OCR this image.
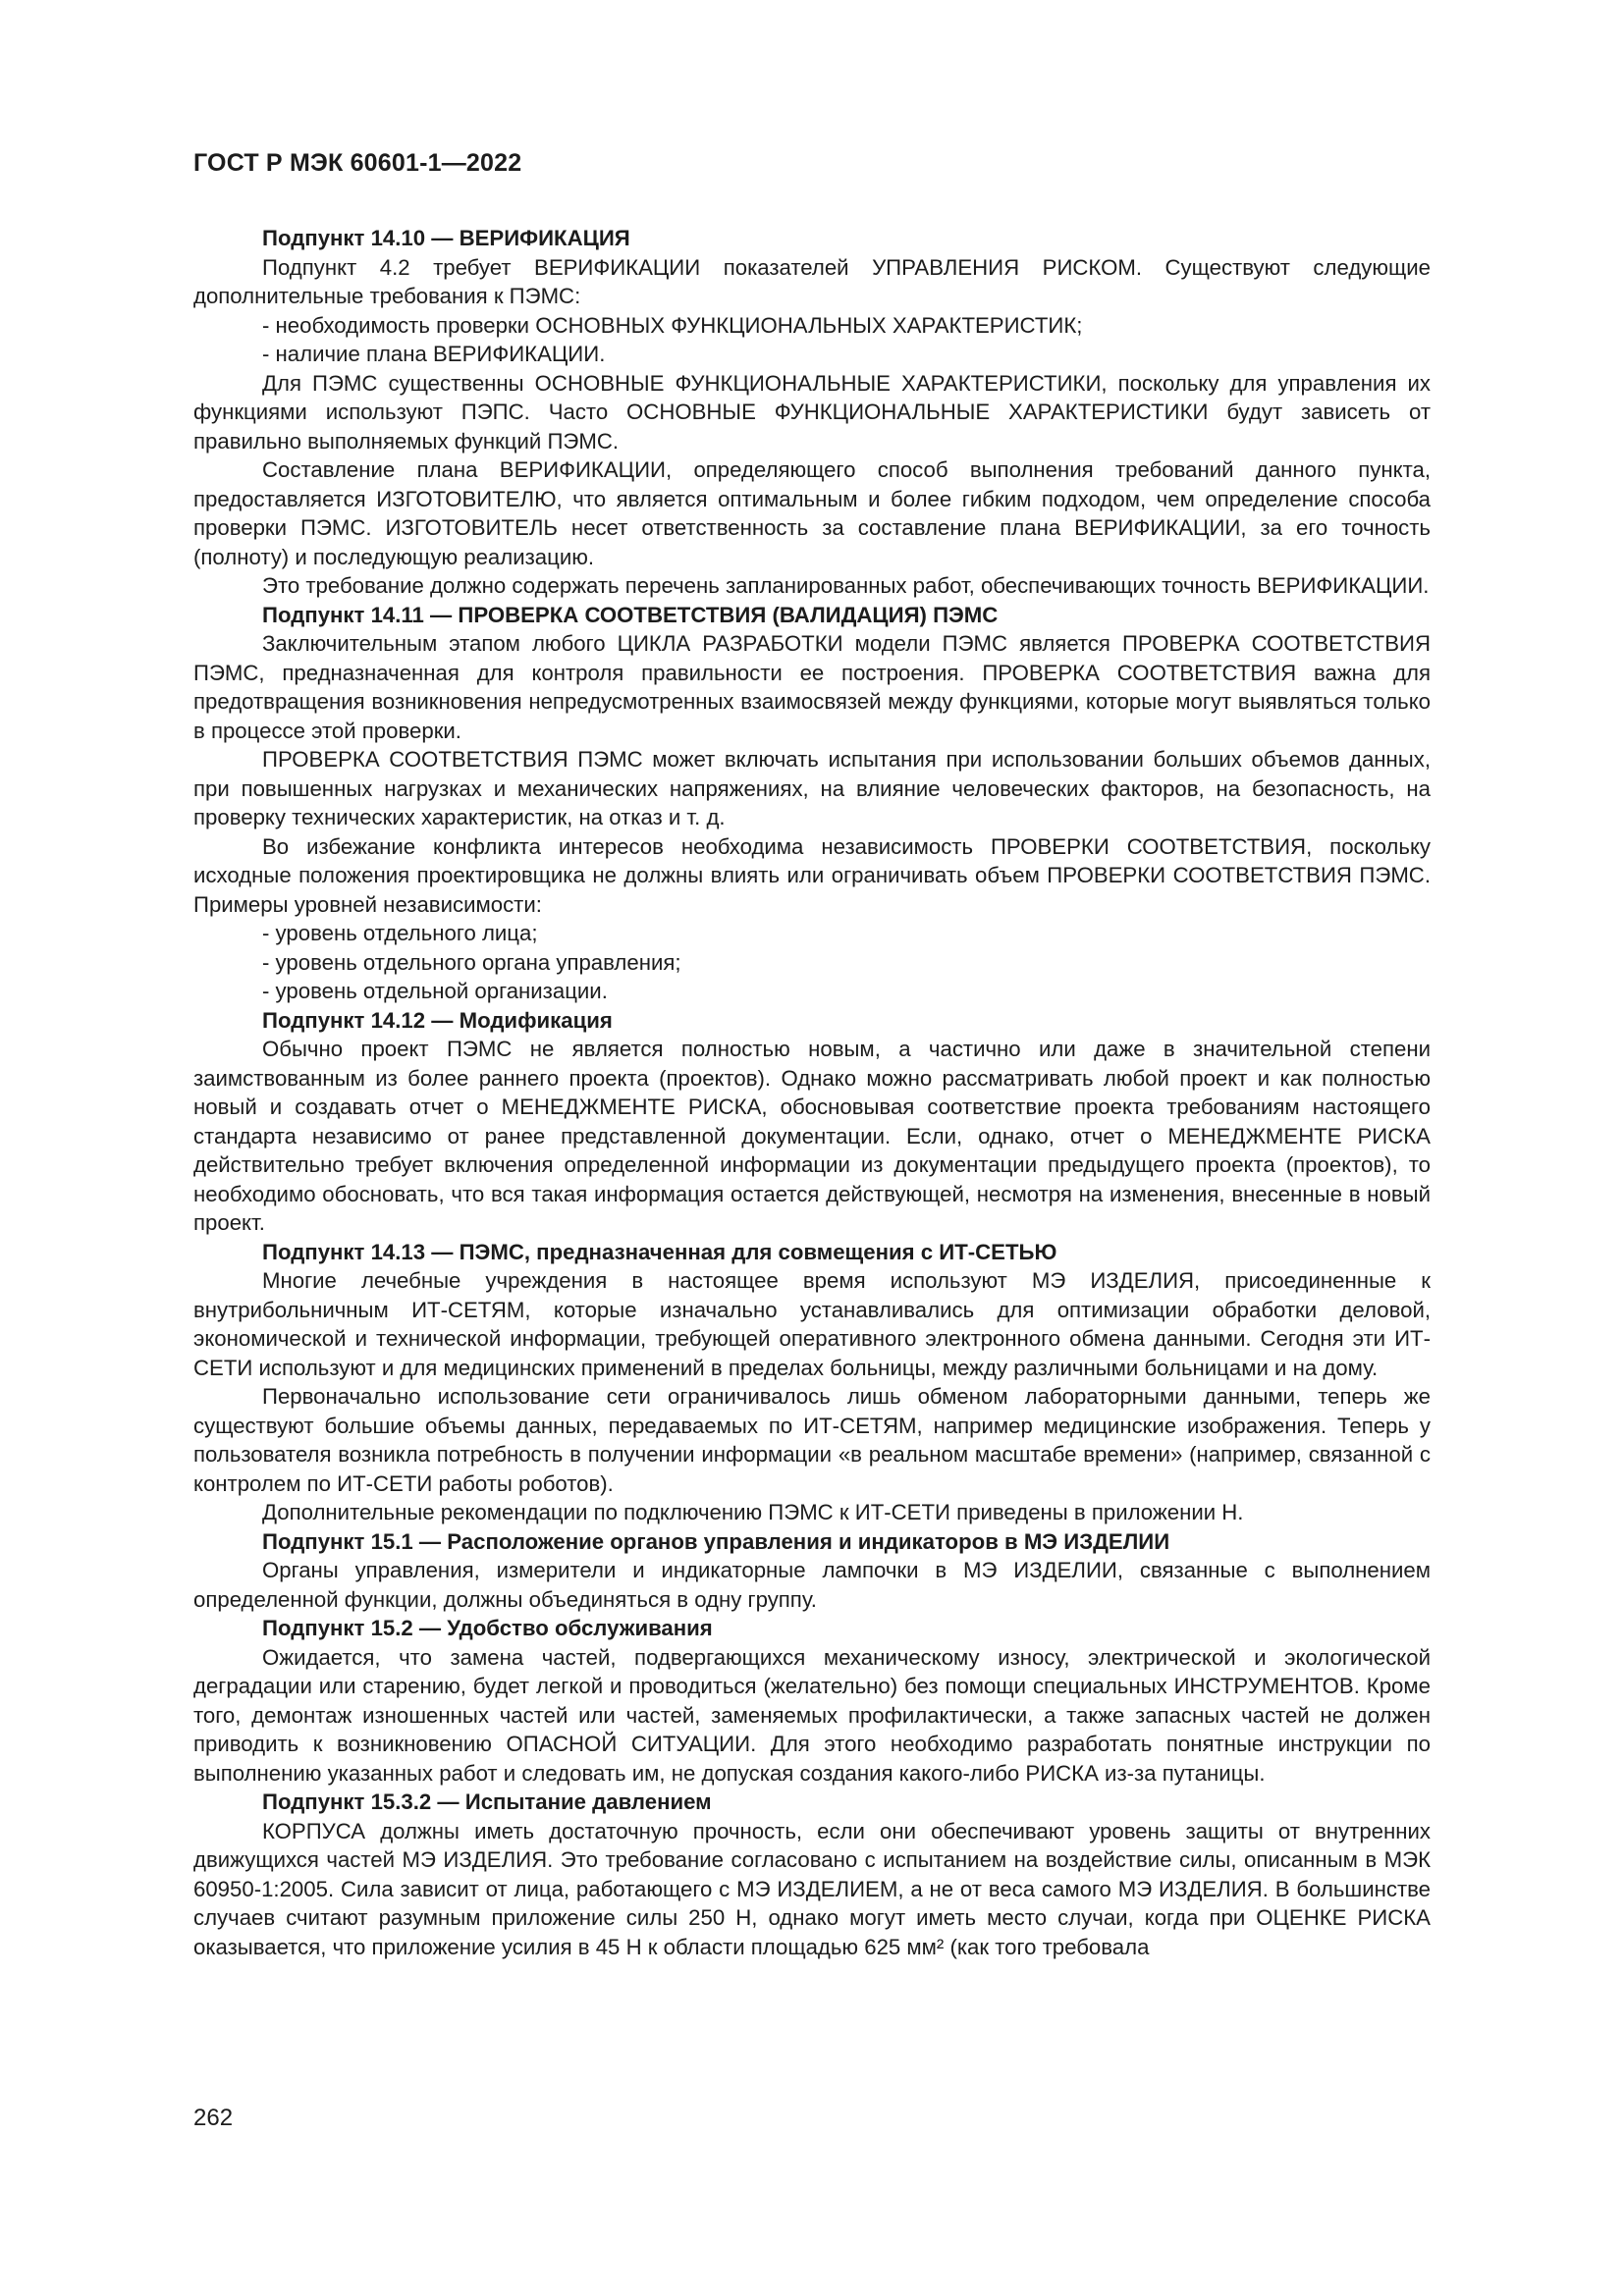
ГОСТ Р МЭК 60601-1—2022

Подпункт 14.10 — ВЕРИФИКАЦИЯ

Подпункт 4.2 требует ВЕРИФИКАЦИИ показателей УПРАВЛЕНИЯ РИСКОМ. Существуют следующие дополнительные требования к ПЭМС:

- необходимость проверки ОСНОВНЫХ ФУНКЦИОНАЛЬНЫХ ХАРАКТЕРИСТИК;

- наличие плана ВЕРИФИКАЦИИ.

Для ПЭМС существенны ОСНОВНЫЕ ФУНКЦИОНАЛЬНЫЕ ХАРАКТЕРИСТИКИ, поскольку для управления их функциями используют ПЭПС. Часто ОСНОВНЫЕ ФУНКЦИОНАЛЬНЫЕ ХАРАКТЕРИСТИКИ будут зависеть от правильно выполняемых функций ПЭМС.

Составление плана ВЕРИФИКАЦИИ, определяющего способ выполнения требований данного пункта, предоставляется ИЗГОТОВИТЕЛЮ, что является оптимальным и более гибким подходом, чем определение способа проверки ПЭМС. ИЗГОТОВИТЕЛЬ несет ответственность за составление плана ВЕРИФИКАЦИИ, за его точность (полноту) и последующую реализацию.

Это требование должно содержать перечень запланированных работ, обеспечивающих точность ВЕРИФИКАЦИИ.

Подпункт 14.11 — ПРОВЕРКА СООТВЕТСТВИЯ (ВАЛИДАЦИЯ) ПЭМС

Заключительным этапом любого ЦИКЛА РАЗРАБОТКИ модели ПЭМС является ПРОВЕРКА СООТВЕТСТВИЯ ПЭМС, предназначенная для контроля правильности ее построения. ПРОВЕРКА СООТВЕТСТВИЯ важна для предотвращения возникновения непредусмотренных взаимосвязей между функциями, которые могут выявляться только в процессе этой проверки.

ПРОВЕРКА СООТВЕТСТВИЯ ПЭМС может включать испытания при использовании больших объемов данных, при повышенных нагрузках и механических напряжениях, на влияние человеческих факторов, на безопасность, на проверку технических характеристик, на отказ и т. д.

Во избежание конфликта интересов необходима независимость ПРОВЕРКИ СООТВЕТСТВИЯ, поскольку исходные положения проектировщика не должны влиять или ограничивать объем ПРОВЕРКИ СООТВЕТСТВИЯ ПЭМС. Примеры уровней независимости:

- уровень отдельного лица;

- уровень отдельного органа управления;

- уровень отдельной организации.

Подпункт 14.12 — Модификация

Обычно проект ПЭМС не является полностью новым, а частично или даже в значительной степени заимствованным из более раннего проекта (проектов). Однако можно рассматривать любой проект и как полностью новый и создавать отчет о МЕНЕДЖМЕНТЕ РИСКА, обосновывая соответствие проекта требованиям настоящего стандарта независимо от ранее представленной документации. Если, однако, отчет о МЕНЕДЖМЕНТЕ РИСКА действительно требует включения определенной информации из документации предыдущего проекта (проектов), то необходимо обосновать, что вся такая информация остается действующей, несмотря на изменения, внесенные в новый проект.

Подпункт 14.13 — ПЭМС, предназначенная для совмещения с ИТ-СЕТЬЮ

Многие лечебные учреждения в настоящее время используют МЭ ИЗДЕЛИЯ, присоединенные к внутрибольничным ИТ-СЕТЯМ, которые изначально устанавливались для оптимизации обработки деловой, экономической и технической информации, требующей оперативного электронного обмена данными. Сегодня эти ИТ-СЕТИ используют и для медицинских применений в пределах больницы, между различными больницами и на дому.

Первоначально использование сети ограничивалось лишь обменом лабораторными данными, теперь же существуют большие объемы данных, передаваемых по ИТ-СЕТЯМ, например медицинские изображения. Теперь у пользователя возникла потребность в получении информации «в реальном масштабе времени» (например, связанной с контролем по ИТ-СЕТИ работы роботов).

Дополнительные рекомендации по подключению ПЭМС к ИТ-СЕТИ приведены в приложении Н.

Подпункт 15.1 — Расположение органов управления и индикаторов в МЭ ИЗДЕЛИИ

Органы управления, измерители и индикаторные лампочки в МЭ ИЗДЕЛИИ, связанные с выполнением определенной функции, должны объединяться в одну группу.

Подпункт 15.2 — Удобство обслуживания

Ожидается, что замена частей, подвергающихся механическому износу, электрической и экологической деградации или старению, будет легкой и проводиться (желательно) без помощи специальных ИНСТРУМЕНТОВ. Кроме того, демонтаж изношенных частей или частей, заменяемых профилактически, а также запасных частей не должен приводить к возникновению ОПАСНОЙ СИТУАЦИИ. Для этого необходимо разработать понятные инструкции по выполнению указанных работ и следовать им, не допуская создания какого-либо РИСКА из-за путаницы.

Подпункт 15.3.2 — Испытание давлением

КОРПУСА должны иметь достаточную прочность, если они обеспечивают уровень защиты от внутренних движущихся частей МЭ ИЗДЕЛИЯ. Это требование согласовано с испытанием на воздействие силы, описанным в МЭК 60950-1:2005. Сила зависит от лица, работающего с МЭ ИЗДЕЛИЕМ, а не от веса самого МЭ ИЗДЕЛИЯ. В большинстве случаев считают разумным приложение силы 250 Н, однако могут иметь место случаи, когда при ОЦЕНКЕ РИСКА оказывается, что приложение усилия в 45 Н к области площадью 625 мм² (как того требовала

262
